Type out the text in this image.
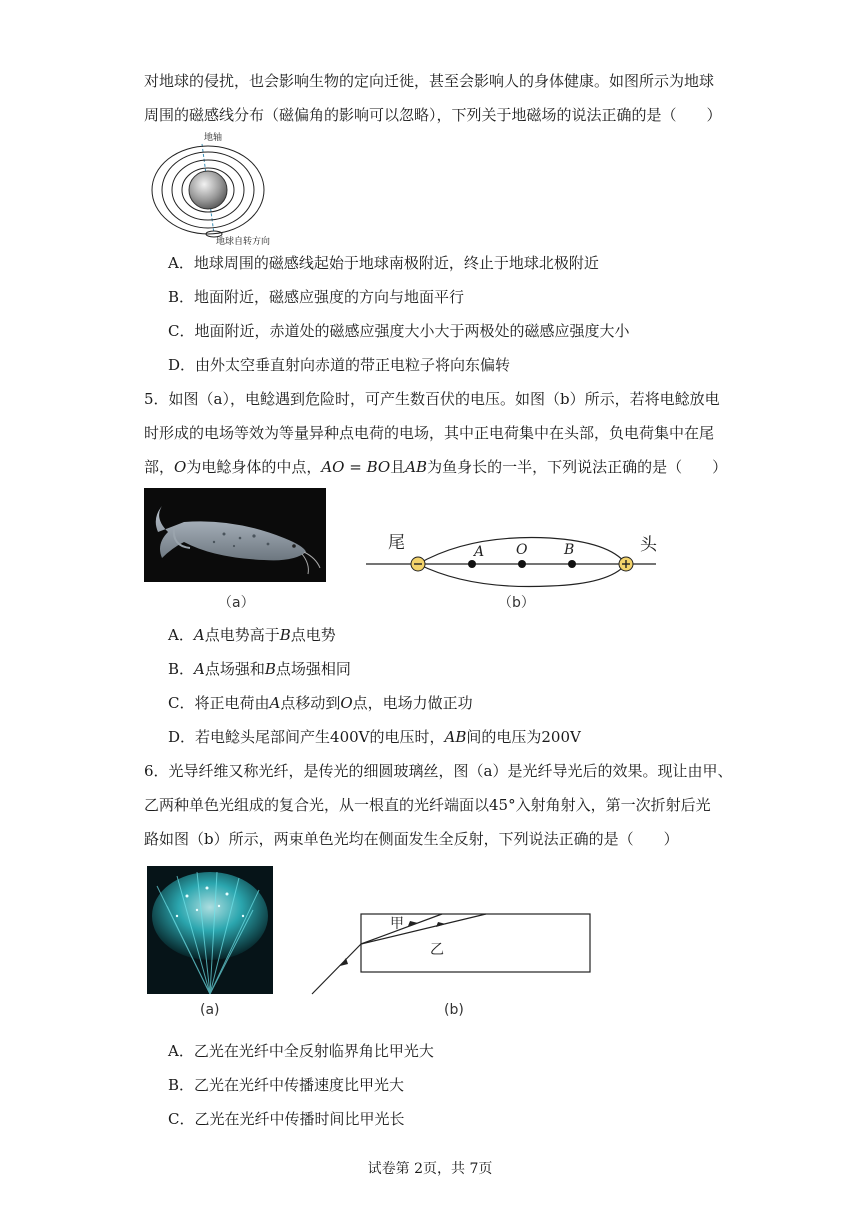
对地球的侵扰，也会影响生物的定向迁徙，甚至会影响人的身体健康。如图所示为地球
周围的磁感线分布（磁偏角的影响可以忽略），下列关于地磁场的说法正确的是（　　）
地轴
地球自转方向
A．地球周围的磁感线起始于地球南极附近，终止于地球北极附近
B．地面附近，磁感应强度的方向与地面平行
C．地面附近，赤道处的磁感应强度大小大于两极处的磁感应强度大小
D．由外太空垂直射向赤道的带正电粒子将向东偏转
5．如图（a），电鲶遇到危险时，可产生数百伏的电压。如图（b）所示，若将电鲶放电
时形成的电场等效为等量异种点电荷的电场，其中正电荷集中在头部，负电荷集中在尾
部，O为电鲶身体的中点，AO = BO且AB为鱼身长的一半，下列说法正确的是（　　）
（a）
尾	头
A O	B
（b）
A．A点电势高于B点电势
B．A点场强和B点场强相同
C．将正电荷由A点移动到O点，电场力做正功
D．若电鲶头尾部间产生400V的电压时，AB间的电压为200V
6．光导纤维又称光纤，是传光的细圆玻璃丝，图（a）是光纤导光后的效果。现让由甲、
乙两种单色光组成的复合光，从一根直的光纤端面以45°入射角射入，第一次折射后光
路如图（b）所示，两束单色光均在侧面发生全反射，下列说法正确的是（　　）
(a)
甲
乙
(b)
A．乙光在光纤中全反射临界角比甲光大
B．乙光在光纤中传播速度比甲光大
C．乙光在光纤中传播时间比甲光长
试卷第 2页，共 7页
